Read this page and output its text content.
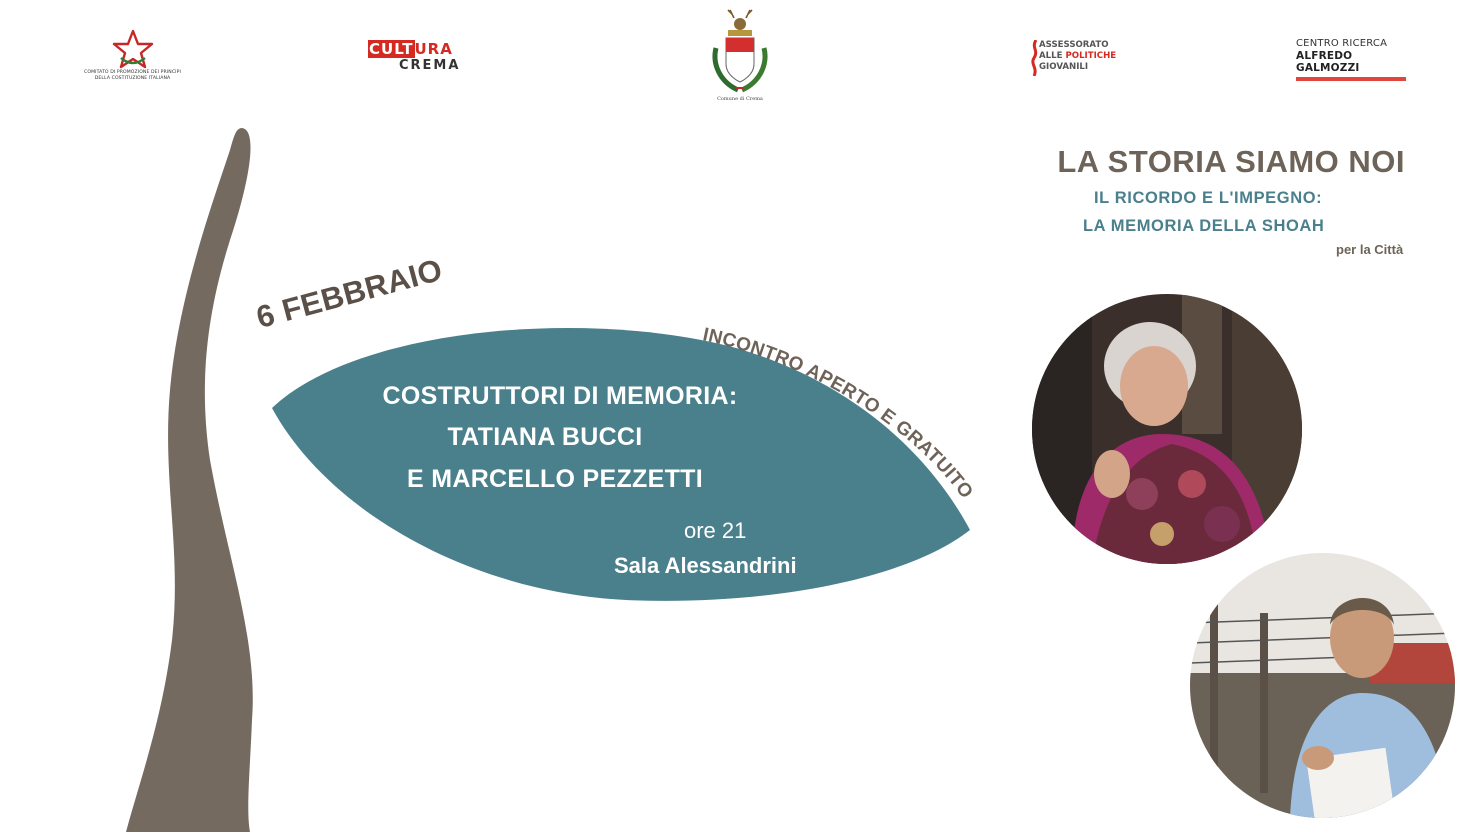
COMITATO DI PROMOZIONE DEI PRINCIPI DELLA COSTITUZIONE ITALIANA
CULTURA
CREMA
Comune di Crema
ASSESSORATO
ALLE POLITICHE
GIOVANILI
CENTRO RICERCA
ALFREDO GALMOZZI
LA STORIA SIAMO NOI
IL RICORDO E L'IMPEGNO:
LA MEMORIA DELLA SHOAH
per la Città
6 FEBBRAIO
INCONTRO APERTO E GRATUITO
COSTRUTTORI DI MEMORIA:
TATIANA BUCCI
E MARCELLO PEZZETTI
ore 21
Sala Alessandrini
